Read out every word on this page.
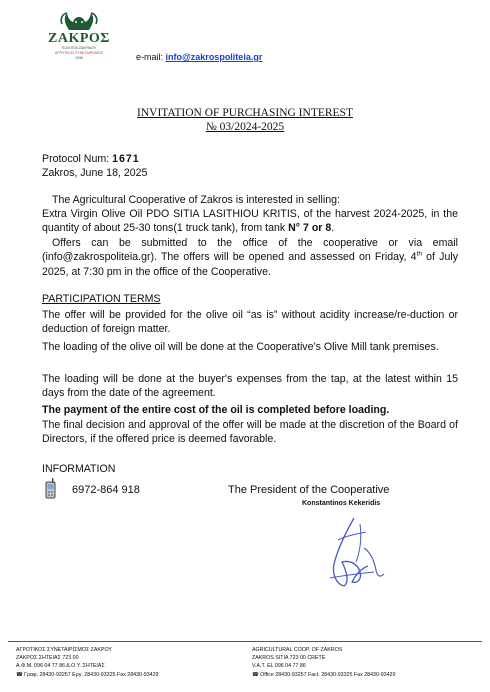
ΖΑΚΡΟΣ
ΠΟΛΙΤΕΙΑ ΖΑΚΡΙΝΟΥ
ΑΓΡΟΤΙΚΟΣ ΣΥΝΕΤΑΙΡΙΣΜΟΣ
1936	e-mail: info@zakrospoliteia.gr
INVITATION OF PURCHASING INTEREST
№ 03/2024-2025
Protocol Num: 1671
Zakros, June 18, 2025
The Agricultural Cooperative of Zakros is interested in selling:
Extra Virgin Olive Oil PDO SITIA LASITHIOU KRITIS, of the harvest 2024-2025, in the quantity of about 25-30 tons(1 truck tank), from tank N° 7 or 8.
Offers can be submitted to the office of the cooperative or via email (info@zakrospoliteia.gr). The offers will be opened and assessed on Friday, 4th of July 2025, at 7:30 pm in the office of the Cooperative.
PARTICIPATION TERMS
The offer will be provided for the olive oil “as is” without acidity increase/re-duction or deduction of foreign matter.
The loading of the olive oil will be done at the Cooperative’s Olive Mill tank premises.
The loading will be done at the buyer's expenses from the tap, at the latest within 15 days from the date of the agreement.
The payment of the entire cost of the oil is completed before loading.
The final decision and approval of the offer will be made at the discretion of the Board of Directors, if the offered price is deemed favorable.
INFORMATION
6972-864 918	The President of the Cooperative
Konstantinos Kekeridis
ΑΓΡΟΤΙΚΟΣ ΣΥΝΕΤΑΙΡΙΣΜΟΣ ΖΑΚΡΟΥ
ΖΑΚΡΟΣ ΣΗΤΕΙΑΣ 723 00
Α.Φ.Μ. 096 04 77 86 Δ.Ο.Υ. ΣΗΤΕΙΑΣ
☎ Γραφ. 28430-93257 Εργ. 28430-93325 Fax 28430-93429
AGRICULTURAL COOP. OF ZAKROS
ZAKROS SITIA 723 00 CRETE
V.A.T. EL 096 04 77 86
☎ Office 28430-93257 Fact. 28430-93325 Fax 28430-93429
